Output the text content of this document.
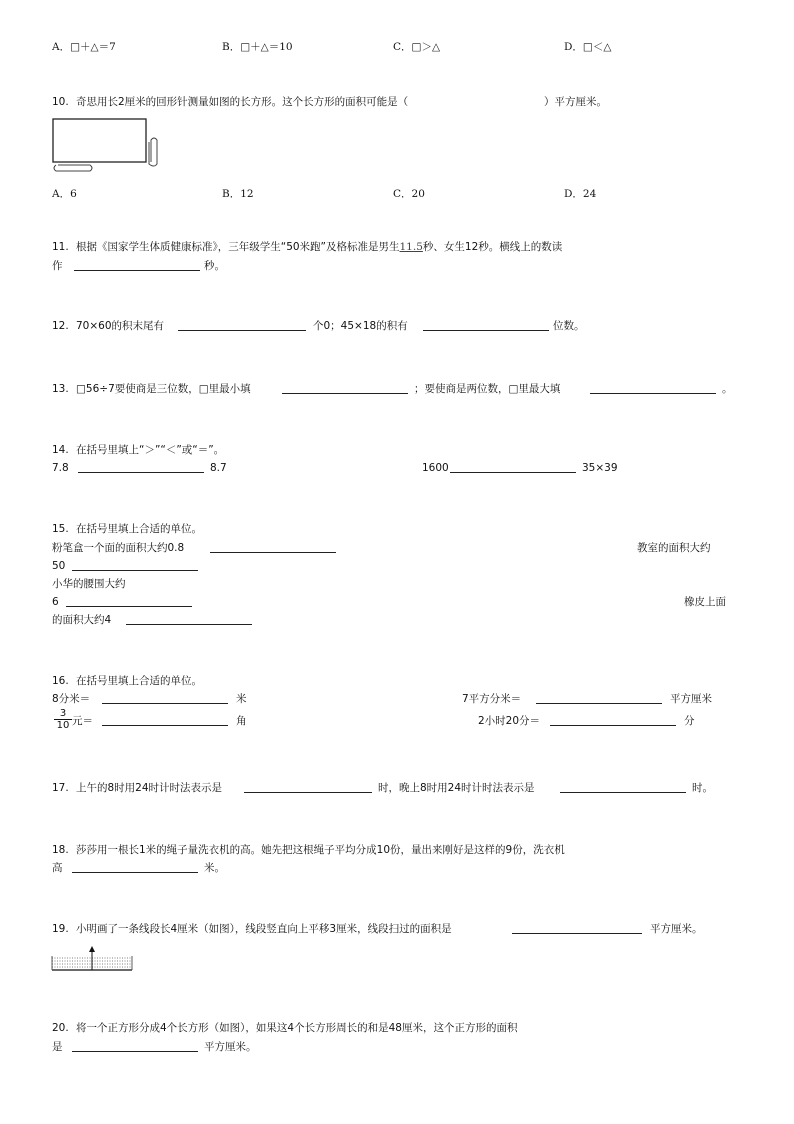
A．□＋△＝7	B．□＋△＝10	C．□＞△	D．□＜△
10. 奇思用长2厘米的回形针测量如图的长方形。这个长方形的面积可能是（	）平方厘米。
A．6	B．12	C．20	D．24
11. 根据《国家学生体质健康标准》，三年级学生“50米跑”及格标准是男生11.5秒、女生12秒。横线上的数读
作	秒。
12. 70×60的积末尾有	个0；45×18的积有	位数。
13. □56÷7要使商是三位数，□里最小填	；要使商是两位数，□里最大填	。
14. 在括号里填上“＞”“＜”或“＝”。
7.8	8.7	1600	35×39
15. 在括号里填上合适的单位。
粉笔盒一个面的面积大约0.8	教室的面积大约
50
小华的腰围大约
6	橡皮上面
的面积大约4
16. 在括号里填上合适的单位。
8分米＝	米	7平方分米＝	平方厘米
$\frac{3}{10}$ 元＝	角	2小时20分＝	分
17. 上午的8时用24时计时法表示是	时，晚上8时用24时计时法表示是	时。
18. 莎莎用一根长1米的绳子量洗衣机的高。她先把这根绳子平均分成10份，量出来刚好是这样的9份，洗衣机
高	米。
19. 小明画了一条线段长4厘米（如图），线段竖直向上平移3厘米，线段扫过的面积是	平方厘米。
20. 将一个正方形分成4个长方形（如图），如果这4个长方形周长的和是48厘米，这个正方形的面积
是	平方厘米。
